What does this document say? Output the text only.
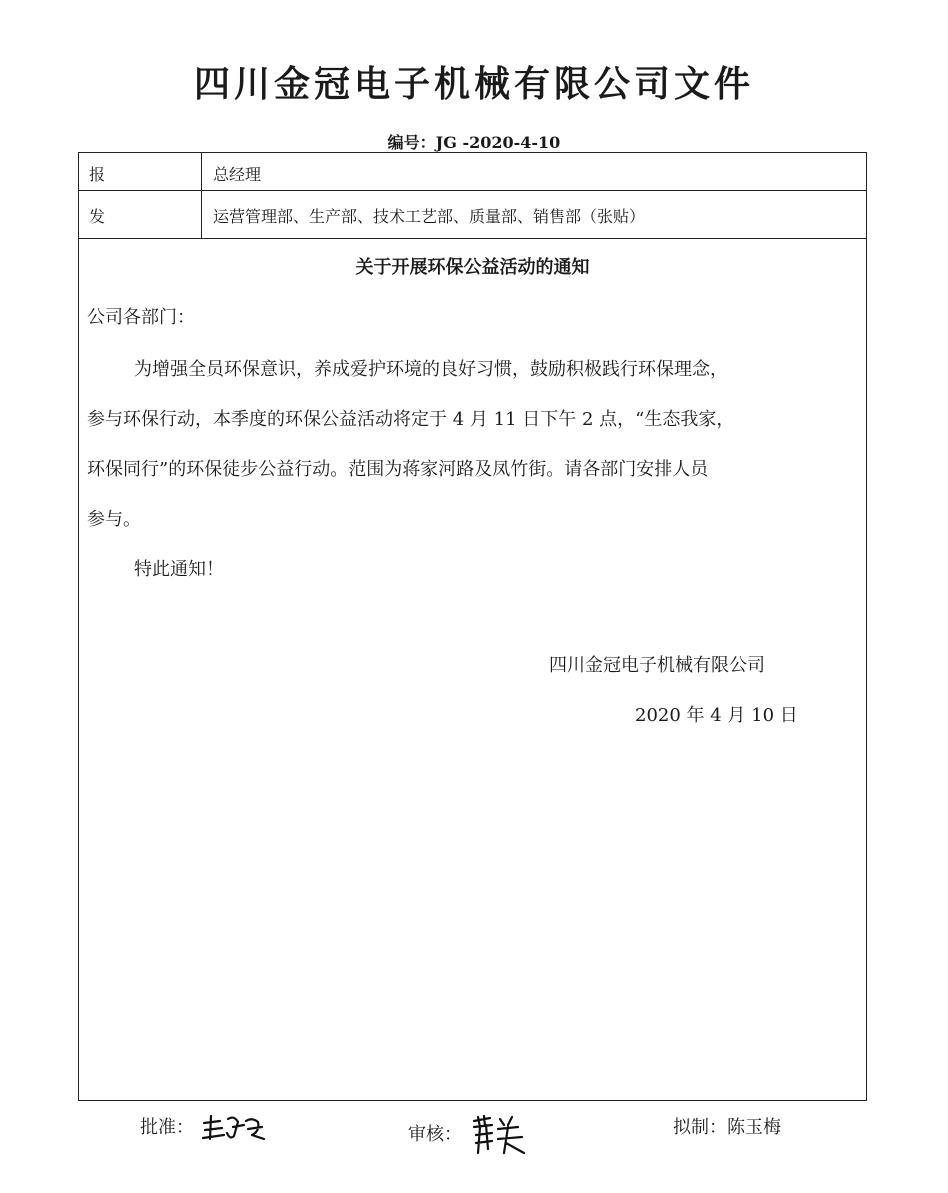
四川金冠电子机械有限公司文件
编号：JG -2020-4-10
报	总经理
发	运营管理部、生产部、技术工艺部、质量部、销售部（张贴）
关于开展环保公益活动的通知
公司各部门：
为增强全员环保意识，养成爱护环境的良好习惯，鼓励积极践行环保理念，
参与环保行动，本季度的环保公益活动将定于 4 月 11 日下午 2 点，“生态我家，
环保同行”的环保徒步公益行动。范围为蒋家河路及凤竹街。请各部门安排人员
参与。
特此通知！
四川金冠电子机械有限公司
2020 年 4 月 10 日
批准：	审核：	拟制：陈玉梅
